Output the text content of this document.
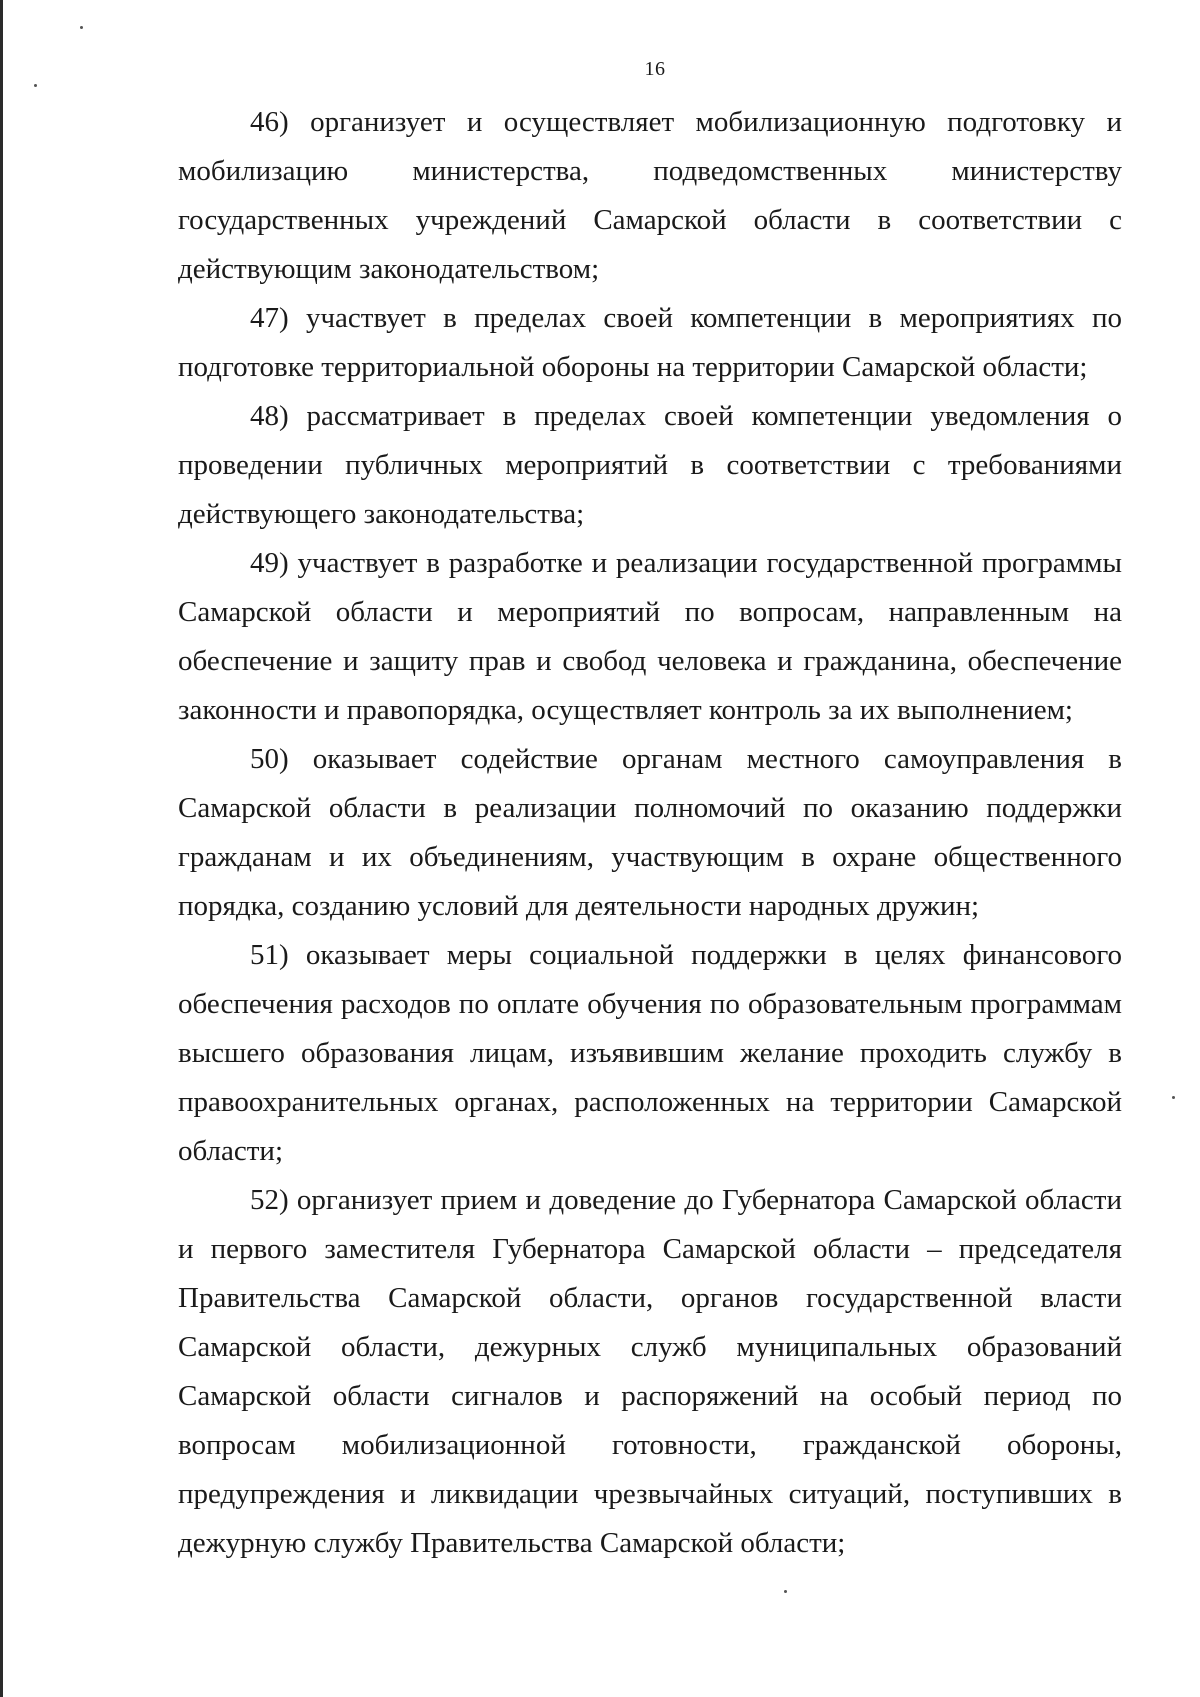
16

46) организует и осуществляет мобилизационную подготовку и мобилизацию министерства, подведомственных министерству государственных учреждений Самарской области в соответствии с действующим законодательством;

47) участвует в пределах своей компетенции в мероприятиях по подготовке территориальной обороны на территории Самарской области;

48) рассматривает в пределах своей компетенции уведомления о проведении публичных мероприятий в соответствии с требованиями действующего законодательства;

49) участвует в разработке и реализации государственной программы Самарской области и мероприятий по вопросам, направленным на обеспечение и защиту прав и свобод человека и гражданина, обеспечение законности и правопорядка, осуществляет контроль за их выполнением;

50) оказывает содействие органам местного самоуправления в Самарской области в реализации полномочий по оказанию поддержки гражданам и их объединениям, участвующим в охране общественного порядка, созданию условий для деятельности народных дружин;

51) оказывает меры социальной поддержки в целях финансового обеспечения расходов по оплате обучения по образовательным программам высшего образования лицам, изъявившим желание проходить службу в правоохранительных органах, расположенных на территории Самарской области;

52) организует прием и доведение до Губернатора Самарской области и первого заместителя Губернатора Самарской области – председателя Правительства Самарской области, органов государственной власти Самарской области, дежурных служб муниципальных образований Самарской области сигналов и распоряжений на особый период по вопросам мобилизационной готовности, гражданской обороны, предупреждения и ликвидации чрезвычайных ситуаций, поступивших в дежурную службу Правительства Самарской области;
